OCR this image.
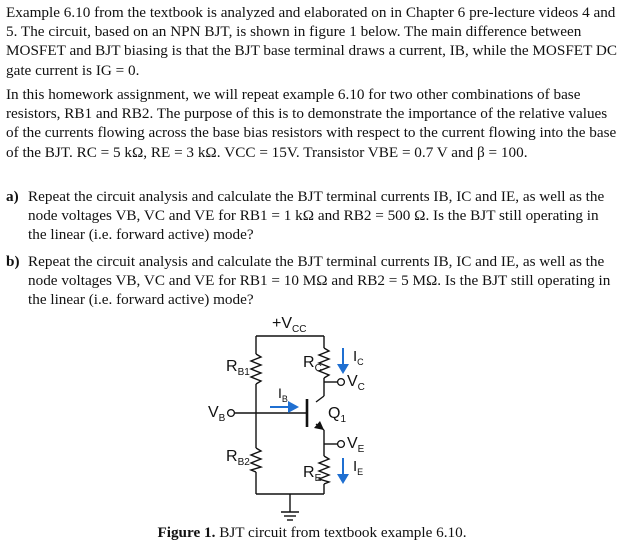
Example 6.10 from the textbook is analyzed and elaborated on in Chapter 6 pre-lecture videos 4 and 5. The circuit, based on an NPN BJT, is shown in figure 1 below. The main difference between MOSFET and BJT biasing is that the BJT base terminal draws a current, IB, while the MOSFET DC gate current is IG = 0.

In this homework assignment, we will repeat example 6.10 for two other combinations of base resistors, RB1 and RB2. The purpose of this is to demonstrate the importance of the relative values of the currents flowing across the base bias resistors with respect to the current flowing into the base of the BJT. RC = 5 kΩ, RE = 3 kΩ. VCC = 15V. Transistor VBE = 0.7 V and β = 100.

a) Repeat the circuit analysis and calculate the BJT terminal currents IB, IC and IE, as well as the node voltages VB, VC and VE for RB1 = 1 kΩ and RB2 = 500 Ω. Is the BJT still operating in the linear (i.e. forward active) mode?
b) Repeat the circuit analysis and calculate the BJT terminal currents IB, IC and IE, as well as the node voltages VB, VC and VE for RB1 = 10 MΩ and RB2 = 5 MΩ. Is the BJT still operating in the linear (i.e. forward active) mode?
$+V_{CC}$
$R_{B1}$
$R_{B2}$
$R_C$
$R_E$
$I_C$
$I_E$
$I_B$
$V_C$
$V_E$
$V_B$	$Q_1$
Figure 1. BJT circuit from textbook example 6.10.
